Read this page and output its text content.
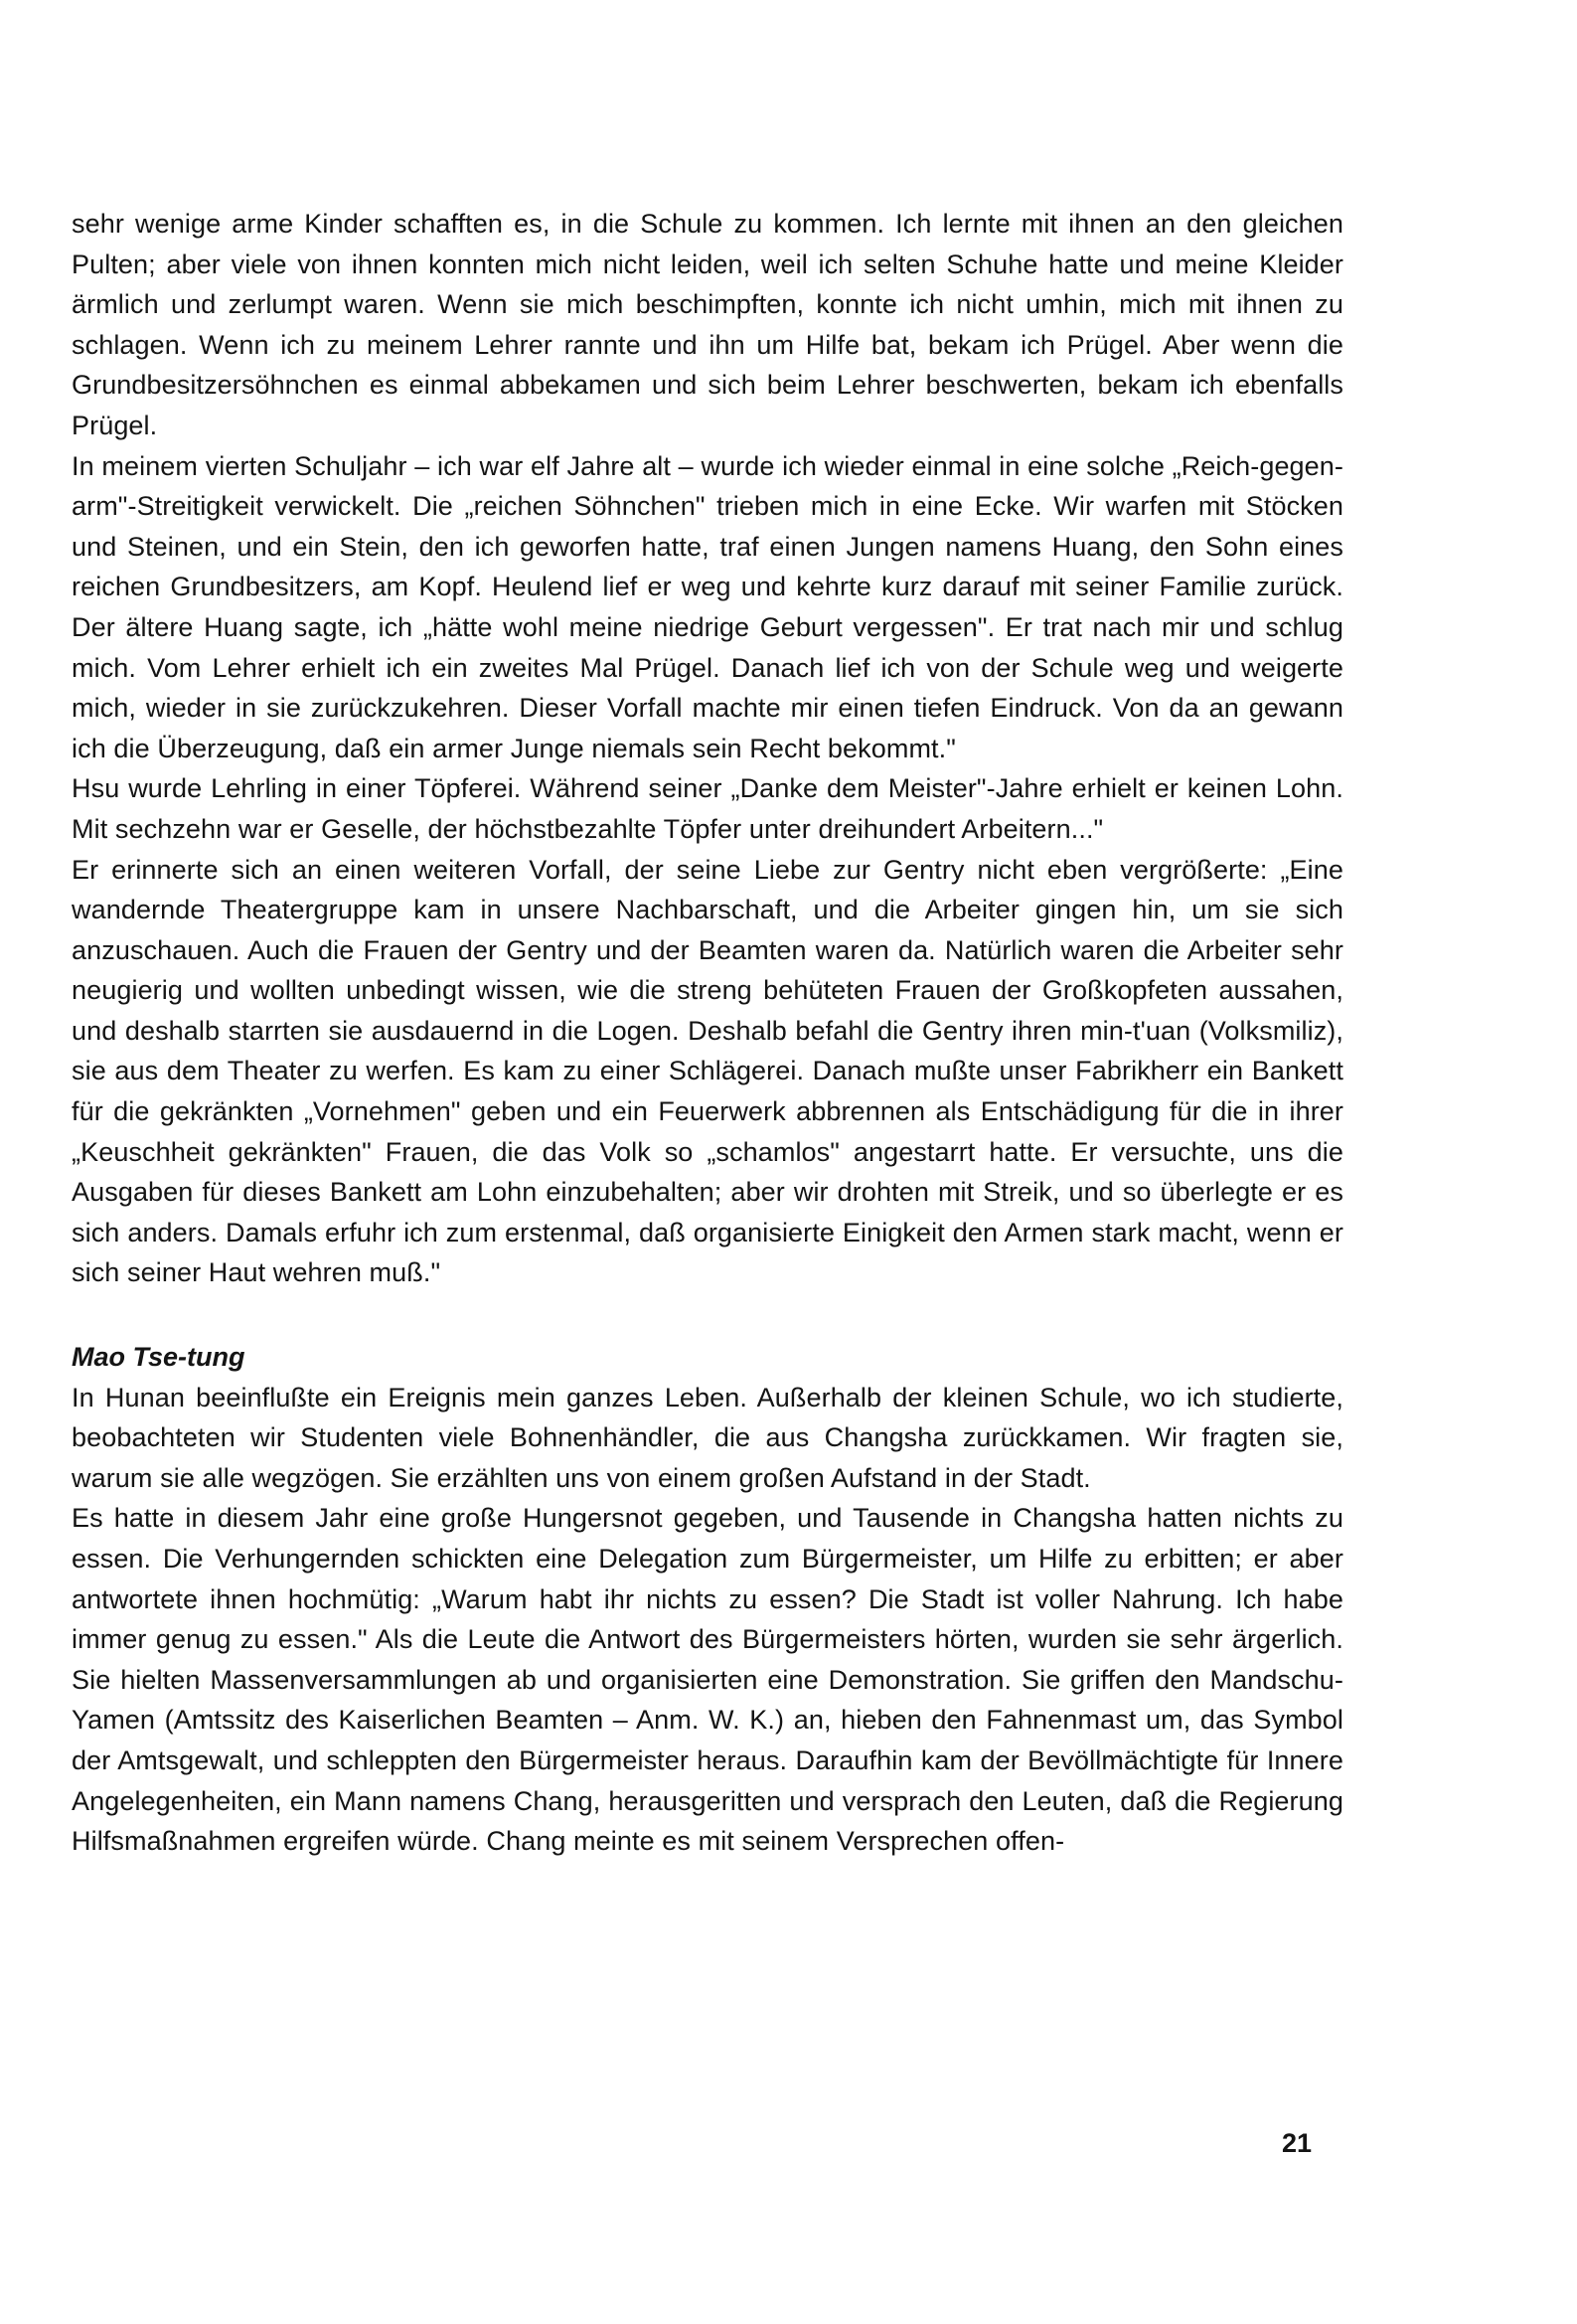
sehr wenige arme Kinder schafften es, in die Schule zu kommen. Ich lernte mit ihnen an den gleichen Pulten; aber viele von ihnen konnten mich nicht leiden, weil ich selten Schuhe hatte und meine Kleider ärmlich und zerlumpt waren. Wenn sie mich beschimpften, konnte ich nicht umhin, mich mit ihnen zu schlagen. Wenn ich zu meinem Lehrer rannte und ihn um Hilfe bat, bekam ich Prügel. Aber wenn die Grundbesitzersöhnchen es einmal abbekamen und sich beim Lehrer beschwerten, bekam ich ebenfalls Prügel.

In meinem vierten Schuljahr – ich war elf Jahre alt – wurde ich wieder einmal in eine solche „Reich-gegen-arm"-Streitigkeit verwickelt. Die „reichen Söhnchen" trieben mich in eine Ecke. Wir warfen mit Stöcken und Steinen, und ein Stein, den ich geworfen hatte, traf einen Jungen namens Huang, den Sohn eines reichen Grundbesitzers, am Kopf. Heulend lief er weg und kehrte kurz darauf mit seiner Familie zurück. Der ältere Huang sagte, ich „hätte wohl meine niedrige Geburt vergessen". Er trat nach mir und schlug mich. Vom Lehrer erhielt ich ein zweites Mal Prügel. Danach lief ich von der Schule weg und weigerte mich, wieder in sie zurückzukehren. Dieser Vorfall machte mir einen tiefen Eindruck. Von da an gewann ich die Überzeugung, daß ein armer Junge niemals sein Recht bekommt."

Hsu wurde Lehrling in einer Töpferei. Während seiner „Danke dem Meister"-Jahre erhielt er keinen Lohn. Mit sechzehn war er Geselle, der höchstbezahlte Töpfer unter dreihundert Arbeitern..."

Er erinnerte sich an einen weiteren Vorfall, der seine Liebe zur Gentry nicht eben vergrößerte: „Eine wandernde Theatergruppe kam in unsere Nachbarschaft, und die Arbeiter gingen hin, um sie sich anzuschauen. Auch die Frauen der Gentry und der Beamten waren da. Natürlich waren die Arbeiter sehr neugierig und wollten unbedingt wissen, wie die streng behüteten Frauen der Großkopfeten aussahen, und deshalb starrten sie ausdauernd in die Logen. Deshalb befahl die Gentry ihren min-t'uan (Volksmiliz), sie aus dem Theater zu werfen. Es kam zu einer Schlägerei. Danach mußte unser Fabrikherr ein Bankett für die gekränkten „Vornehmen" geben und ein Feuerwerk abbrennen als Entschädigung für die in ihrer „Keuschheit gekränkten" Frauen, die das Volk so „schamlos" angestarrt hatte. Er versuchte, uns die Ausgaben für dieses Bankett am Lohn einzubehalten; aber wir drohten mit Streik, und so überlegte er es sich anders. Damals erfuhr ich zum erstenmal, daß organisierte Einigkeit den Armen stark macht, wenn er sich seiner Haut wehren muß."

Mao Tse-tung

In Hunan beeinflußte ein Ereignis mein ganzes Leben. Außerhalb der kleinen Schule, wo ich studierte, beobachteten wir Studenten viele Bohnenhändler, die aus Changsha zurückkamen. Wir fragten sie, warum sie alle wegzögen. Sie erzählten uns von einem großen Aufstand in der Stadt.

Es hatte in diesem Jahr eine große Hungersnot gegeben, und Tausende in Changsha hatten nichts zu essen. Die Verhungernden schickten eine Delegation zum Bürgermeister, um Hilfe zu erbitten; er aber antwortete ihnen hochmütig: „Warum habt ihr nichts zu essen? Die Stadt ist voller Nahrung. Ich habe immer genug zu essen." Als die Leute die Antwort des Bürgermeisters hörten, wurden sie sehr ärgerlich. Sie hielten Massenversammlungen ab und organisierten eine Demonstration. Sie griffen den Mandschu-Yamen (Amtssitz des Kaiserlichen Beamten – Anm. W. K.) an, hieben den Fahnenmast um, das Symbol der Amtsgewalt, und schleppten den Bürgermeister heraus. Daraufhin kam der Bevöllmächtigte für Innere Angelegenheiten, ein Mann namens Chang, herausgeritten und versprach den Leuten, daß die Regierung Hilfsmaßnahmen ergreifen würde. Chang meinte es mit seinem Versprechen offen-

21
